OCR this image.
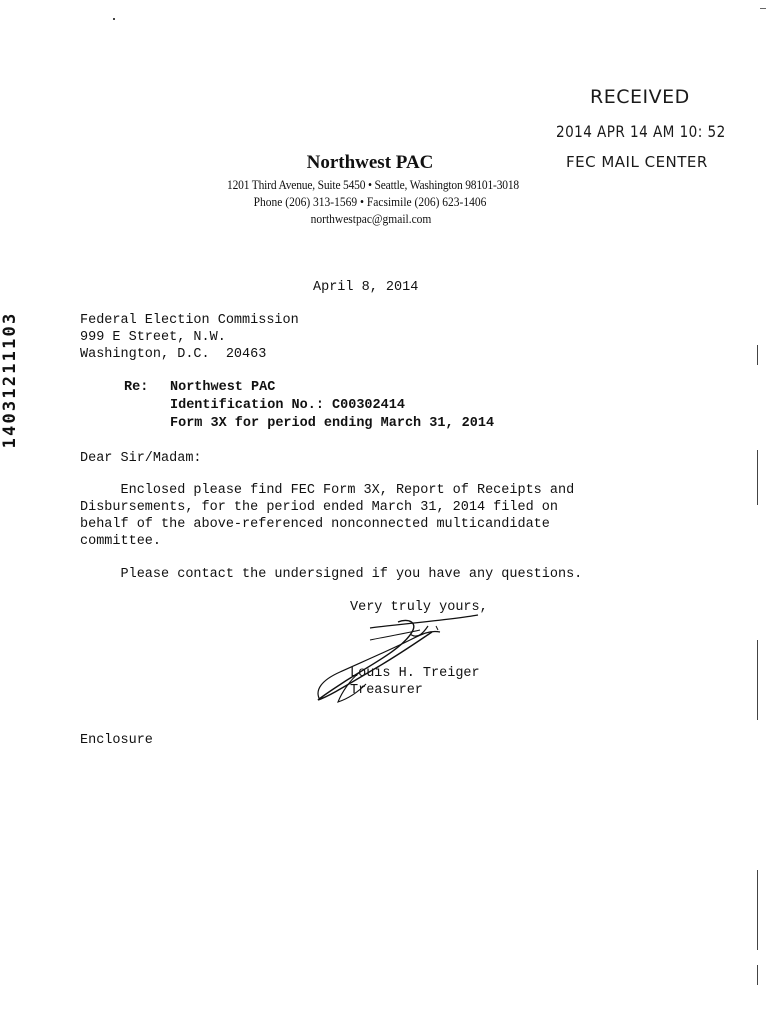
RECEIVED
2014 APR 14 AM 10: 52
FEC MAIL CENTER
Northwest PAC
1201 Third Avenue, Suite 5450 • Seattle, Washington 98101-3018
Phone (206) 313-1569 • Facsimile (206) 623-1406
northwestpac@gmail.com
14031211103
April 8, 2014
Federal Election Commission
999 E Street, N.W.
Washington, D.C.  20463
Re: Northwest PAC
Identification No.: C00302414
Form 3X for period ending March 31, 2014
Dear Sir/Madam:
Enclosed please find FEC Form 3X, Report of Receipts and
Disbursements, for the period ended March 31, 2014 filed on
behalf of the above-referenced nonconnected multicandidate
committee.
Please contact the undersigned if you have any questions.
Very truly yours,
Louis H. Treiger
Treasurer
Enclosure
